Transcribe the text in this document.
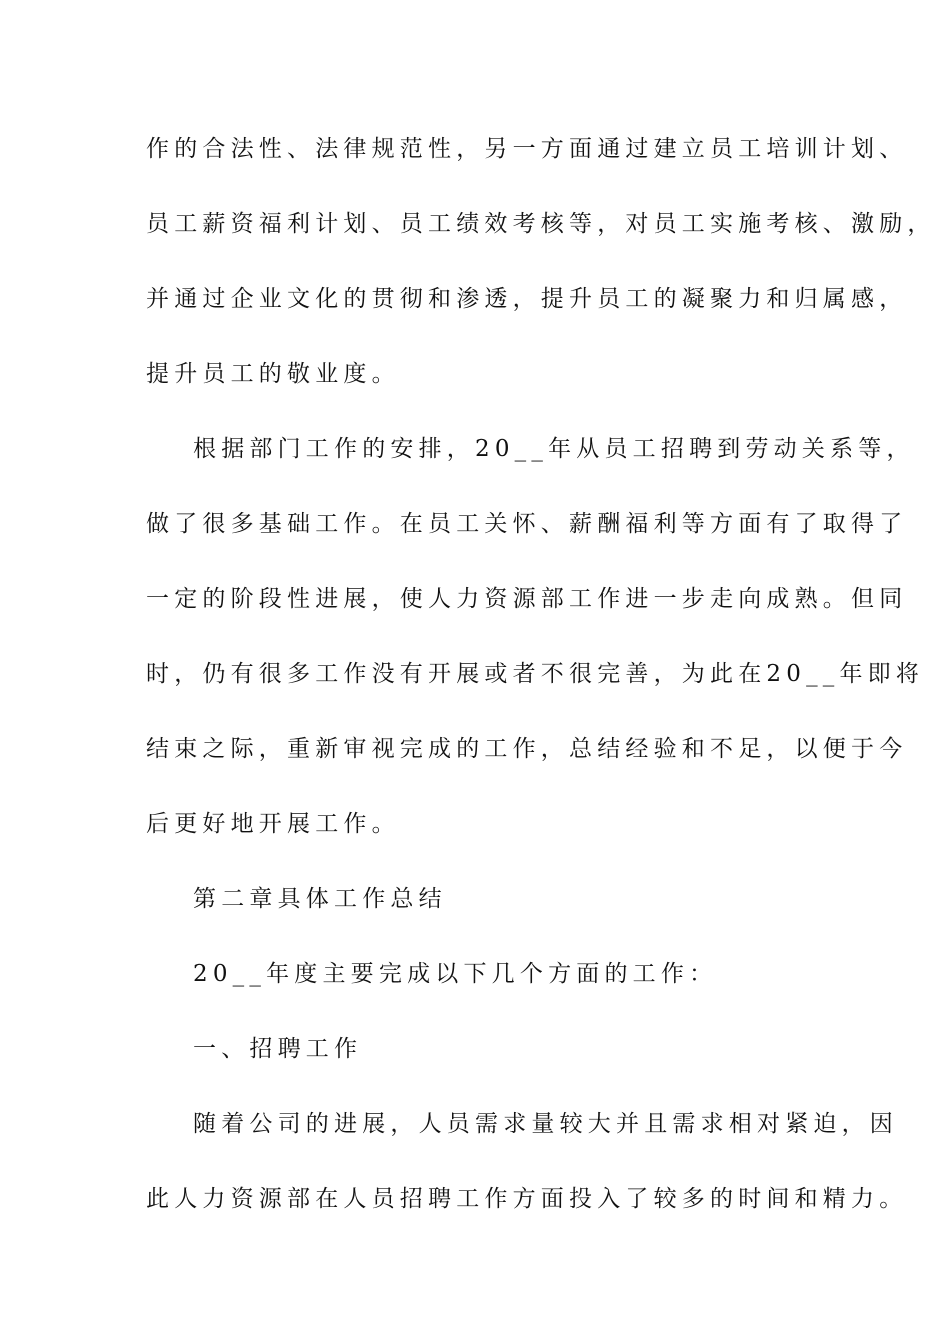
作的合法性、法律规范性，另一方面通过建立员工培训计划、
员工薪资福利计划、员工绩效考核等，对员工实施考核、激励，
并通过企业文化的贯彻和渗透，提升员工的凝聚力和归属感，
提升员工的敬业度。
根据部门工作的安排，20__年从员工招聘到劳动关系等，
做了很多基础工作。在员工关怀、薪酬福利等方面有了取得了
一定的阶段性进展，使人力资源部工作进一步走向成熟。但同
时，仍有很多工作没有开展或者不很完善，为此在20__年即将
结束之际，重新审视完成的工作，总结经验和不足，以便于今
后更好地开展工作。
第二章具体工作总结
20__年度主要完成以下几个方面的工作：
一、招聘工作
随着公司的进展，人员需求量较大并且需求相对紧迫，因
此人力资源部在人员招聘工作方面投入了较多的时间和精力。
